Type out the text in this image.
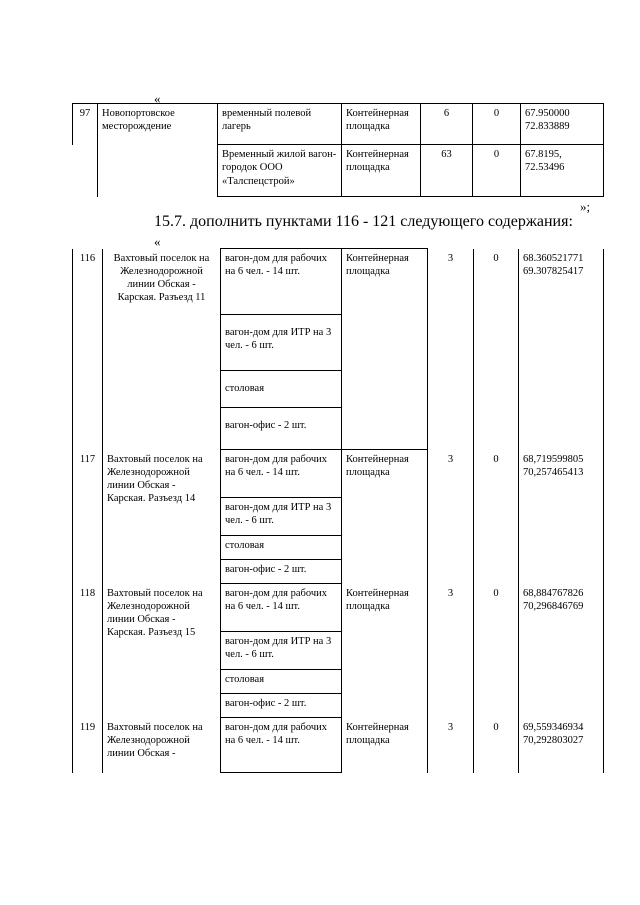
«
97	Новопортовское месторождение	временный полевой лагерь	Контейнерная площадка	6	0	67.950000
72.833889

		Временный жилой вагон-городок ООО «Талспецстрой»	Контейнерная площадка	63	0	67.8195,
72.53496
»;
15.7. дополнить пунктами 116 - 121 следующего содержания:
«
116	Вахтовый поселок на
Железнодорожной
линии Обская -
Карская. Разъезд 11	вагон-дом для рабочих на 6 чел. - 14 шт.	Контейнерная площадка	3	0	68.360521771
69.307825417

		вагон-дом для ИТР на 3 чел. - 6 шт.				
		столовая				
		вагон-офис - 2 шт.				
117	Вахтовый поселок на
Железнодорожной
линии Обская -
Карская. Разъезд 14	вагон-дом для рабочих на 6 чел. - 14 шт.	Контейнерная площадка	3	0	68,719599805
70,257465413

		вагон-дом для ИТР на 3 чел. - 6 шт.				
		столовая				
		вагон-офис - 2 шт.				
118	Вахтовый поселок на
Железнодорожной
линии Обская -
Карская. Разъезд 15	вагон-дом для рабочих на 6 чел. - 14 шт.	Контейнерная площадка	3	0	68,884767826
70,296846769

		вагон-дом для ИТР на 3 чел. - 6 шт.				
		столовая				
		вагон-офис - 2 шт.				
119	Вахтовый поселок на
Железнодорожной
линии Обская -	вагон-дом для рабочих на 6 чел. - 14 шт.	Контейнерная площадка	3	0	69,559346934
70,292803027
